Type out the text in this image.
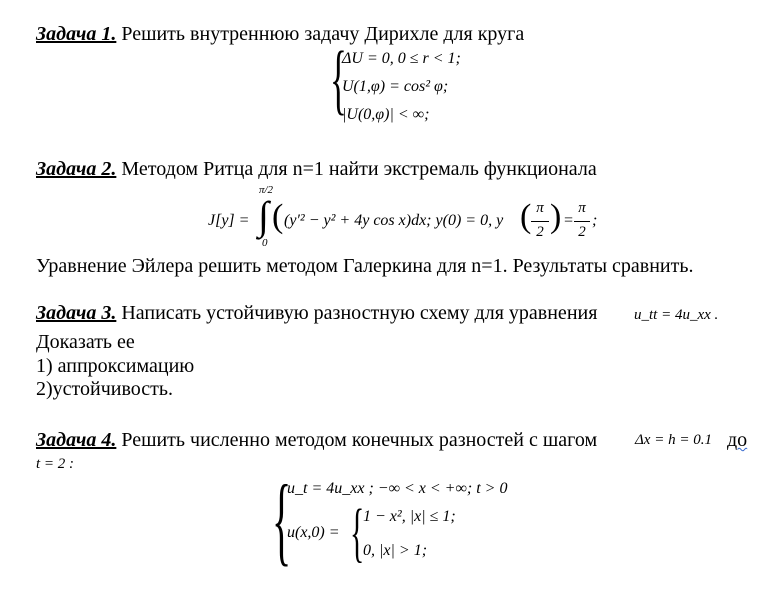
Задача 1. Решить внутреннюю задачу Дирихле для круга
{
ΔU = 0, 0 ≤ r < 1;
U(1,φ) = cos² φ;
|U(0,φ)| < ∞;
Задача 2. Методом Ритца для n=1 найти экстремаль функционала
π/2
J[y] = ∫
0
( (y′² − y² + 4y cos x)dx; y(0) = 0, y ( π
2 ) =
π
2
;
Уравнение Эйлера решить методом Галеркина для n=1. Результаты сравнить.
Задача 3. Написать устойчивую разностную схему для уравнения u_tt = 4u_xx .
Доказать ее
1) аппроксимацию
2)устойчивость.
Задача 4. Решить численно методом конечных разностей с шагом	Δx = h = 0.1 до
t = 2 : {
u_t = 4u_xx ; −∞ < x < +∞; t > 0
u(x,0) = {
1 − x², |x| ≤ 1;
0, |x| > 1;
